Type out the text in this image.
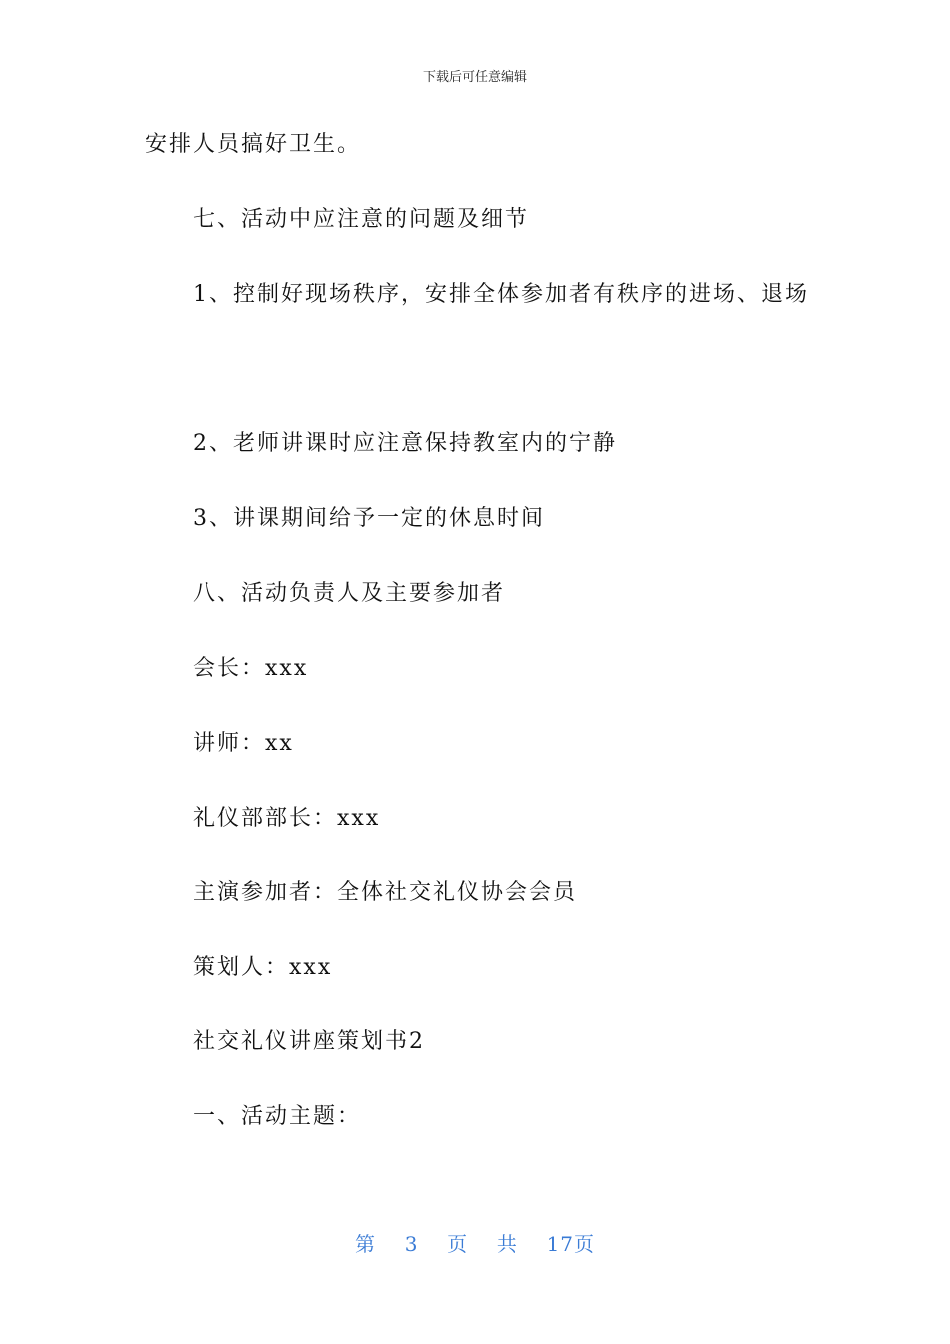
下载后可任意编辑
安排人员搞好卫生。
七、活动中应注意的问题及细节
1、控制好现场秩序，安排全体参加者有秩序的进场、退场
2、老师讲课时应注意保持教室内的宁静
3、讲课期间给予一定的休息时间
八、活动负责人及主要参加者
会长：xxx
讲师：xx
礼仪部部长：xxx
主演参加者：全体社交礼仪协会会员
策划人：xxx
社交礼仪讲座策划书2
一、活动主题：
第 3 页 共 17页
